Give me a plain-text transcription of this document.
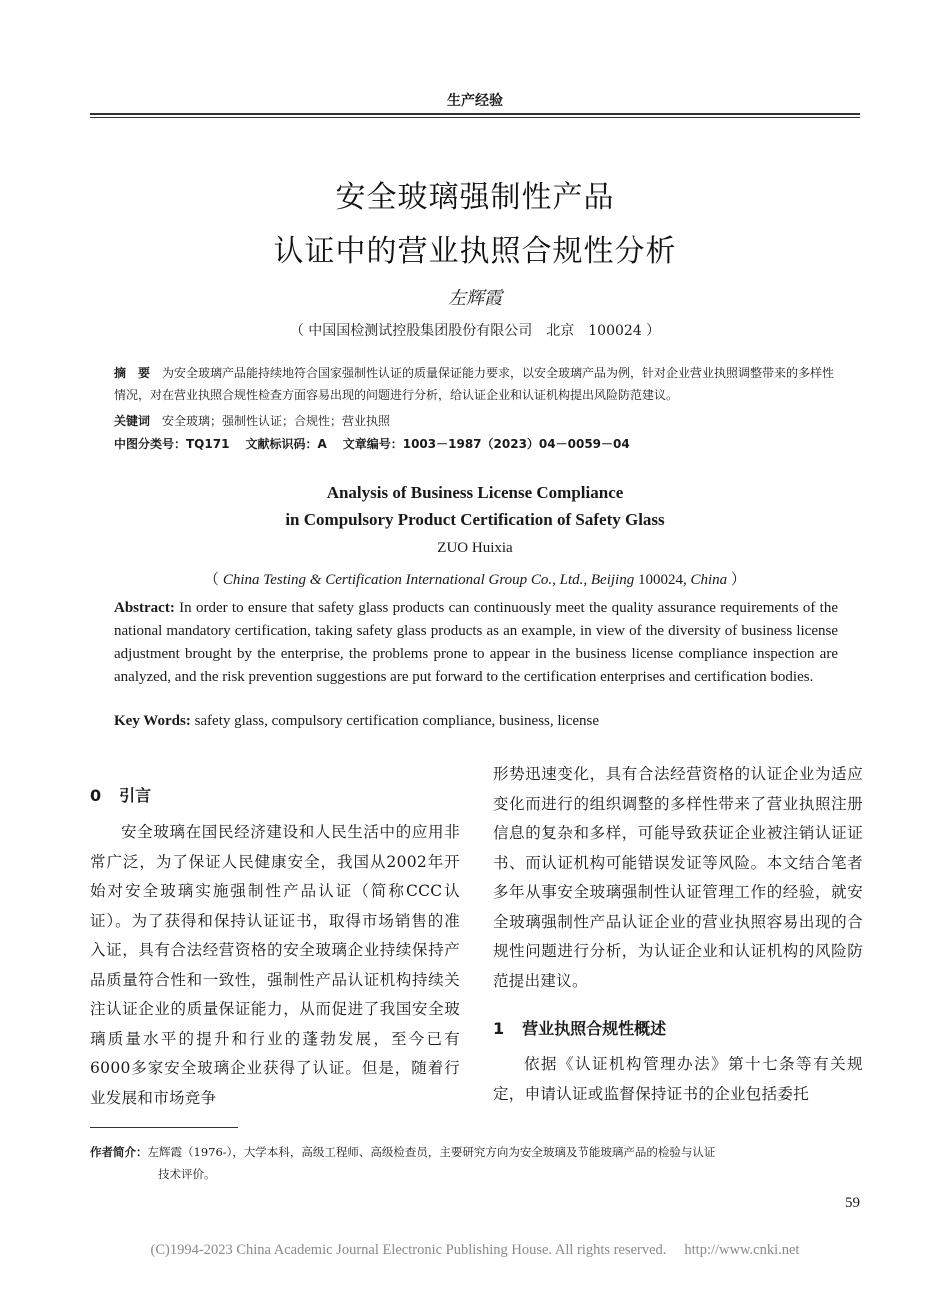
生产经验
安全玻璃强制性产品
认证中的营业执照合规性分析
左辉霞
（ 中国国检测试控股集团股份有限公司　北京　100024 ）
摘　要 为安全玻璃产品能持续地符合国家强制性认证的质量保证能力要求，以安全玻璃产品为例，针对企业营业执照调整带来的多样性情况，对在营业执照合规性检查方面容易出现的问题进行分析，给认证企业和认证机构提出风险防范建议。
关键词 安全玻璃；强制性认证；合规性；营业执照
中图分类号：TQ171 文献标识码：A 文章编号：1003－1987（2023）04－0059－04
Analysis of Business License Compliance
in Compulsory Product Certification of Safety Glass
ZUO Huixia
（ China Testing & Certification International Group Co., Ltd., Beijing 100024, China ）
Abstract: In order to ensure that safety glass products can continuously meet the quality assurance requirements of the national mandatory certification, taking safety glass products as an example, in view of the diversity of business license adjustment brought by the enterprise, the problems prone to appear in the business license compliance inspection are analyzed, and the risk prevention suggestions are put forward to the certification enterprises and certification bodies.
Key Words: safety glass, compulsory certification compliance, business, license
0 引言

安全玻璃在国民经济建设和人民生活中的应用非常广泛，为了保证人民健康安全，我国从2002年开始对安全玻璃实施强制性产品认证（简称CCC认证）。为了获得和保持认证证书，取得市场销售的准入证，具有合法经营资格的安全玻璃企业持续保持产品质量符合性和一致性，强制性产品认证机构持续关注认证企业的质量保证能力，从而促进了我国安全玻璃质量水平的提升和行业的蓬勃发展，至今已有6000多家安全玻璃企业获得了认证。但是，随着行业发展和市场竞争

形势迅速变化，具有合法经营资格的认证企业为适应变化而进行的组织调整的多样性带来了营业执照注册信息的复杂和多样，可能导致获证企业被注销认证证书、而认证机构可能错误发证等风险。本文结合笔者多年从事安全玻璃强制性认证管理工作的经验，就安全玻璃强制性产品认证企业的营业执照容易出现的合规性问题进行分析，为认证企业和认证机构的风险防范提出建议。

1 营业执照合规性概述

依据《认证机构管理办法》第十七条等有关规定，申请认证或监督保持证书的企业包括委托

作者简介：左辉霞（1976-），大学本科，高级工程师、高级检查员，主要研究方向为安全玻璃及节能玻璃产品的检验与认证
技术评价。
59
(C)1994-2023 China Academic Journal Electronic Publishing House. All rights reserved. http://www.cnki.net
